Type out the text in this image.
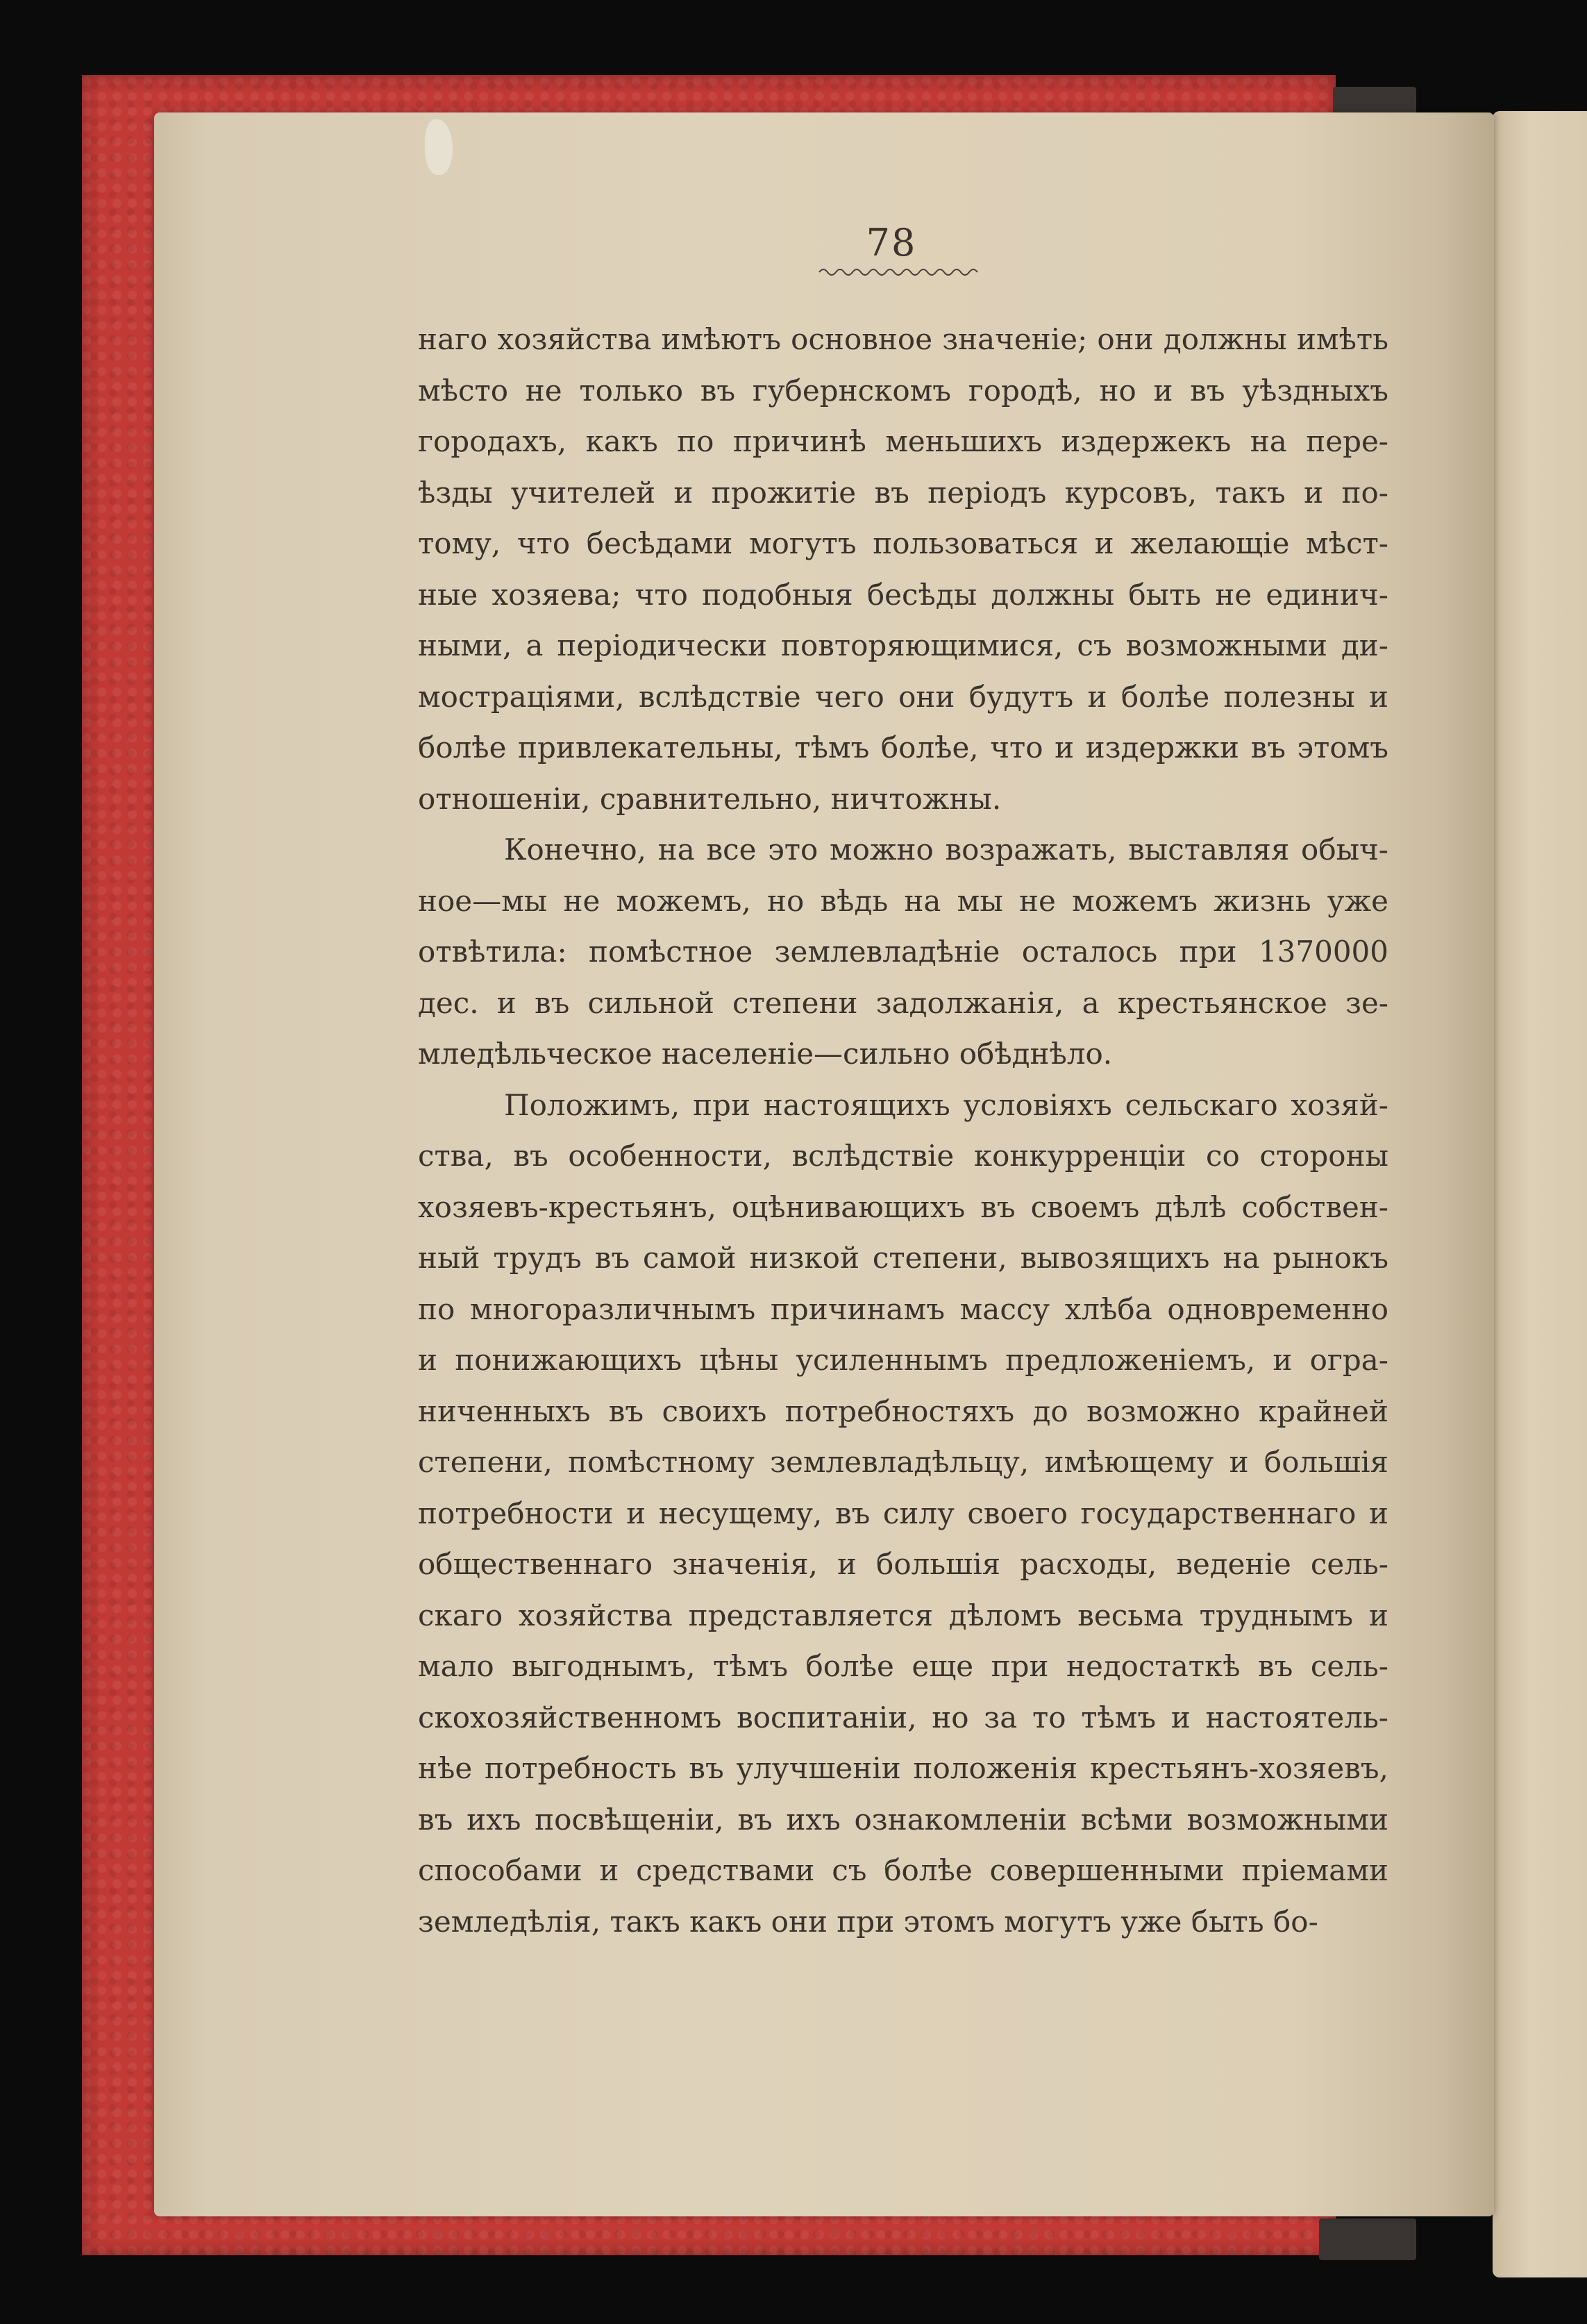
78
наго хозяйства имѣютъ основное значеніе; они должны имѣть
мѣсто не только въ губернскомъ городѣ, но и въ уѣздныхъ
городахъ, какъ по причинѣ меньшихъ издержекъ на пере-
ѣзды учителей и прожитіе въ періодъ курсовъ, такъ и по-
тому, что бесѣдами могутъ пользоваться и желающіе мѣст-
ные хозяева; что подобныя бесѣды должны быть не единич-
ными, а періодически повторяющимися, съ возможными ди-
мострацiями, вслѣдствіе чего они будутъ и болѣе полезны и
болѣе привлекательны, тѣмъ болѣе, что и издержки въ этомъ
отношеніи, сравнительно, ничтожны.
Конечно, на все это можно возражать, выставляя обыч-
ное—мы не можемъ, но вѣдь на мы не можемъ жизнь уже
отвѣтила: помѣстное землевладѣніе осталось при 1370000
дес. и въ сильной степени задолжанія, а крестьянское зе-
мледѣльческое населеніе—сильно обѣднѣло.
Положимъ, при настоящихъ условіяхъ сельскаго хозяй-
ства, въ особенности, вслѣдствіе конкурренціи со стороны
хозяевъ-крестьянъ, оцѣнивающихъ въ своемъ дѣлѣ собствен-
ный трудъ въ самой низкой степени, вывозящихъ на рынокъ
по многоразличнымъ причинамъ массу хлѣба одновременно
и понижающихъ цѣны усиленнымъ предложеніемъ, и огра-
ниченныхъ въ своихъ потребностяхъ до возможно крайней
степени, помѣстному землевладѣльцу, имѣющему и большія
потребности и несущему, въ силу своего государственнаго и
общественнаго значенія, и большія расходы, веденіе сель-
скаго хозяйства представляется дѣломъ весьма труднымъ и
мало выгоднымъ, тѣмъ болѣе еще при недостаткѣ въ сель-
скохозяйственномъ воспитаніи, но за то тѣмъ и настоятель-
нѣе потребность въ улучшеніи положенія крестьянъ-хозяевъ,
въ ихъ посвѣщеніи, въ ихъ ознакомленіи всѣми возможными
способами и средствами съ болѣе совершенными пріемами
земледѣлія, такъ какъ они при этомъ могутъ уже быть бо-
